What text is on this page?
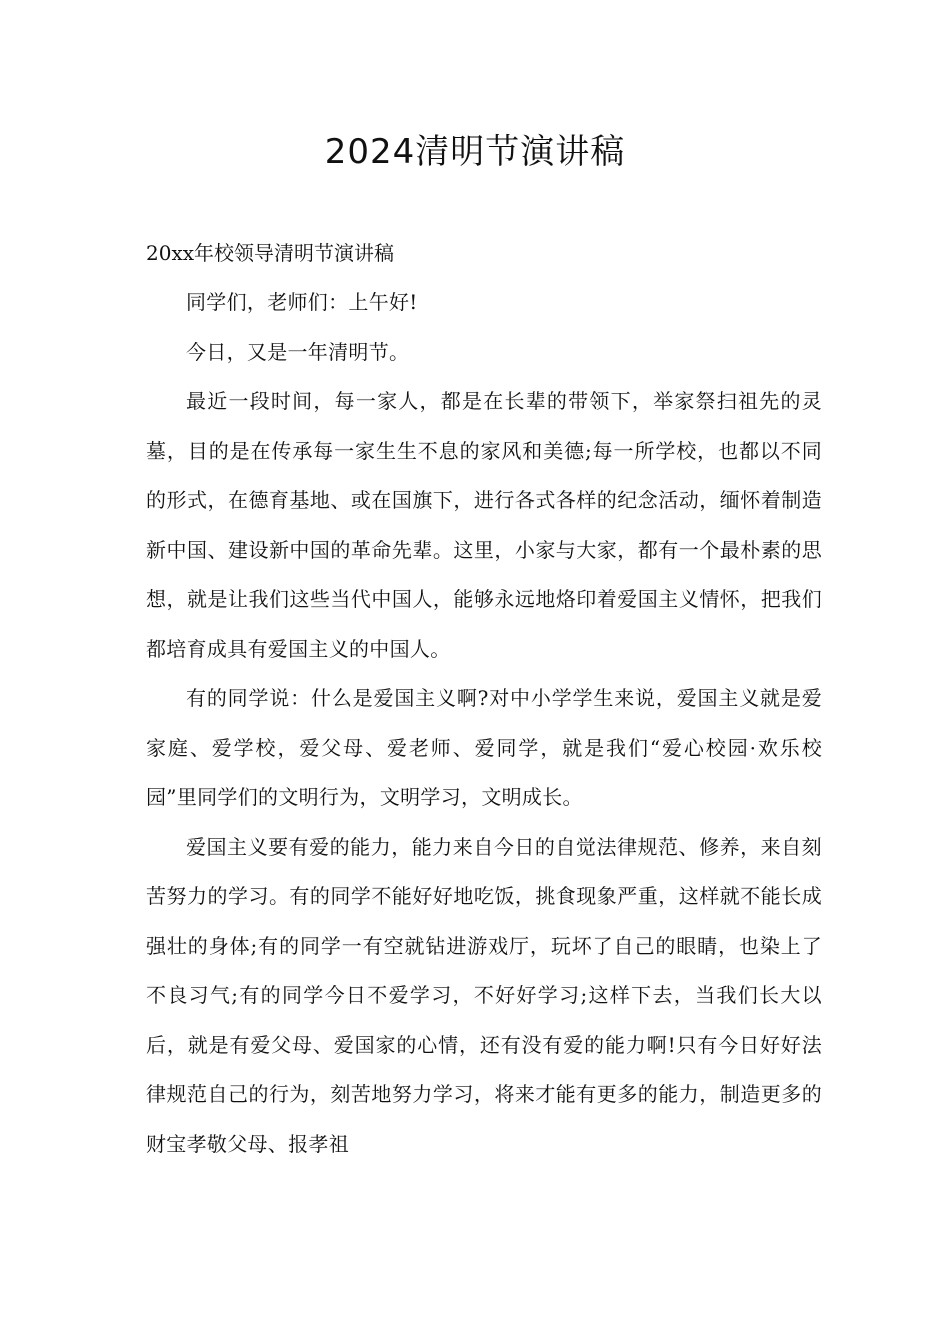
2024清明节演讲稿

20xx年校领导清明节演讲稿

同学们，老师们：上午好!

今日，又是一年清明节。

最近一段时间，每一家人，都是在长辈的带领下，举家祭扫祖先的灵墓，目的是在传承每一家生生不息的家风和美德;每一所学校，也都以不同的形式，在德育基地、或在国旗下，进行各式各样的纪念活动，缅怀着制造新中国、建设新中国的革命先辈。这里，小家与大家，都有一个最朴素的思想，就是让我们这些当代中国人，能够永远地烙印着爱国主义情怀，把我们都培育成具有爱国主义的中国人。

有的同学说：什么是爱国主义啊?对中小学学生来说，爱国主义就是爱家庭、爱学校，爱父母、爱老师、爱同学，就是我们“爱心校园·欢乐校园”里同学们的文明行为，文明学习，文明成长。

爱国主义要有爱的能力，能力来自今日的自觉法律规范、修养，来自刻苦努力的学习。有的同学不能好好地吃饭，挑食现象严重，这样就不能长成强壮的身体;有的同学一有空就钻进游戏厅，玩坏了自己的眼睛，也染上了不良习气;有的同学今日不爱学习，不好好学习;这样下去，当我们长大以后，就是有爱父母、爱国家的心情，还有没有爱的能力啊!只有今日好好法律规范自己的行为，刻苦地努力学习，将来才能有更多的能力，制造更多的财宝孝敬父母、报孝祖
